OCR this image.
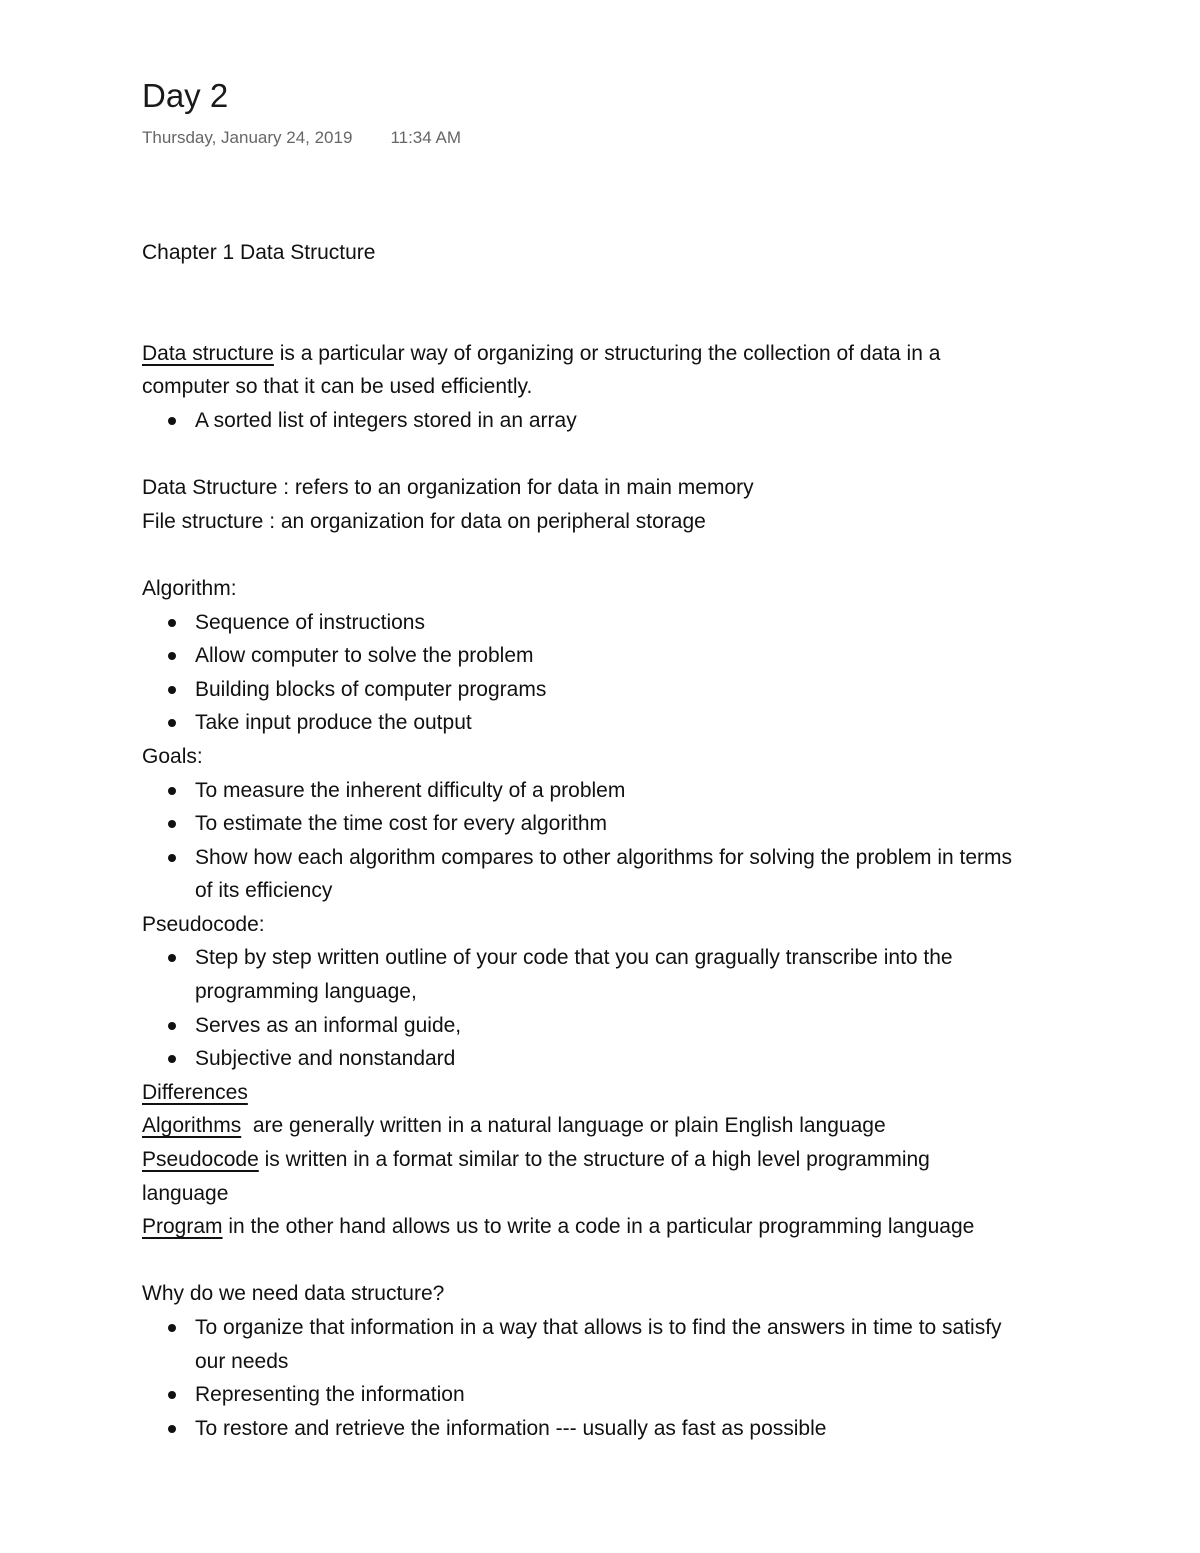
Day 2
Thursday, January 24, 2019 11:34 AM
Chapter 1 Data Structure
Data structure is a particular way of organizing or structuring the collection of data in a
computer so that it can be used efficiently.
A sorted list of integers stored in an array
Data Structure : refers to an organization for data in main memory
File structure : an organization for data on peripheral storage
Algorithm:
Sequence of instructions
Allow computer to solve the problem
Building blocks of computer programs
Take input produce the output
Goals:
To measure the inherent difficulty of a problem
To estimate the time cost for every algorithm
Show how each algorithm compares to other algorithms for solving the problem in terms
of its efficiency
Pseudocode:
Step by step written outline of your code that you can gragually transcribe into the
programming language,
Serves as an informal guide,
Subjective and nonstandard
Differences
Algorithms  are generally written in a natural language or plain English language
Pseudocode is written in a format similar to the structure of a high level programming
language
Program in the other hand allows us to write a code in a particular programming language
Why do we need data structure?
To organize that information in a way that allows is to find the answers in time to satisfy
our needs
Representing the information
To restore and retrieve the information --- usually as fast as possible
